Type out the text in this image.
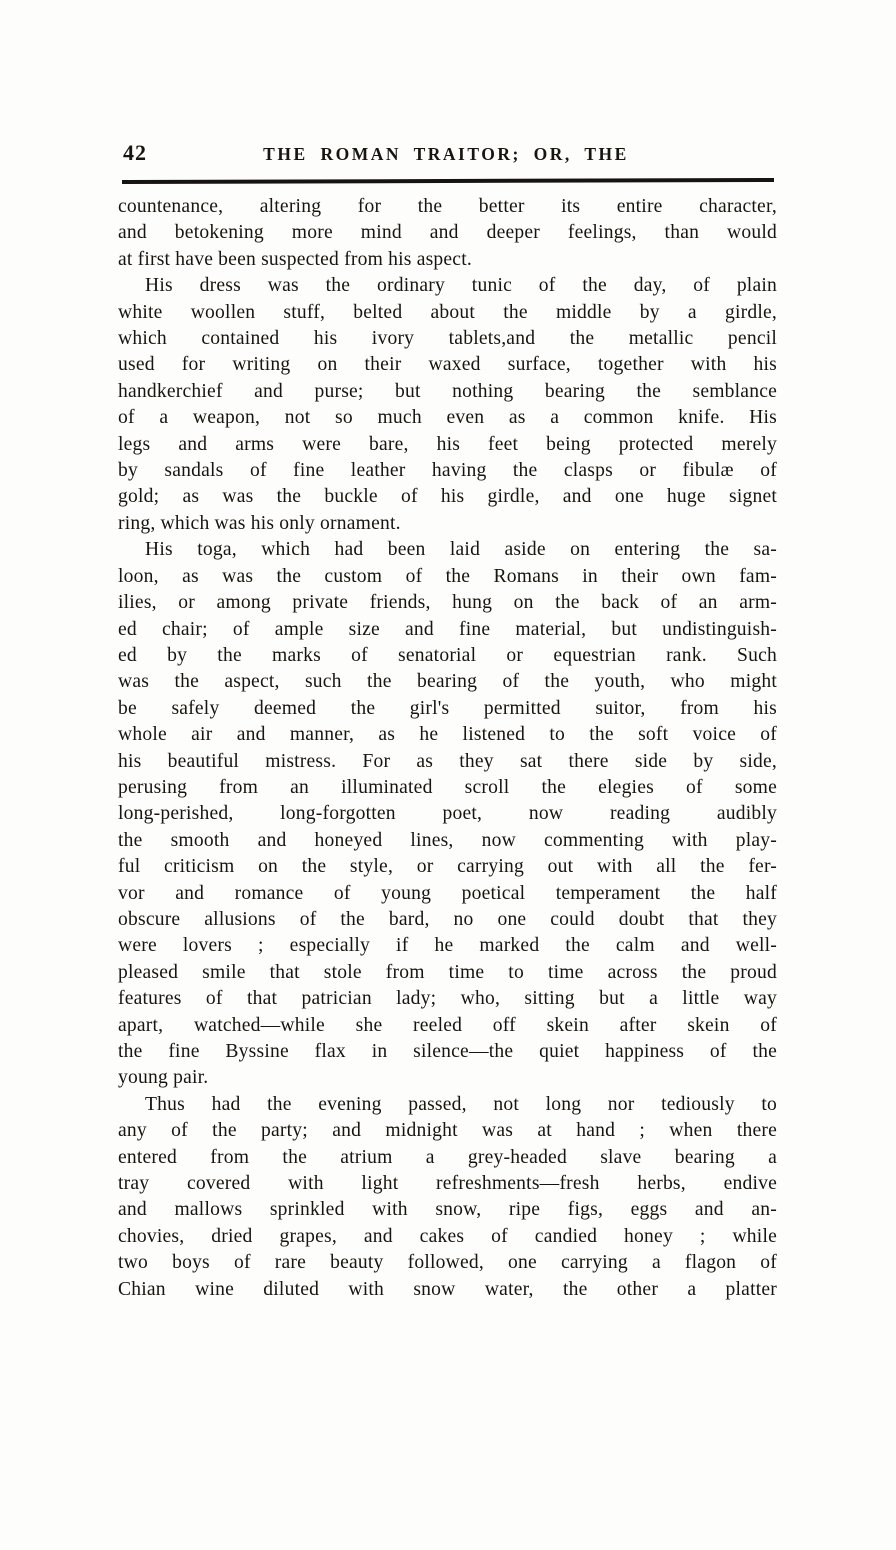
42	THE ROMAN TRAITOR; OR, THE
countenance, altering for the better its entire character,
and betokening more mind and deeper feelings, than would
at first have been suspected from his aspect.
His dress was the ordinary tunic of the day, of plain
white woollen stuff, belted about the middle by a girdle,
which contained his ivory tablets,and the metallic pencil
used for writing on their waxed surface, together with his
handkerchief and purse; but nothing bearing the semblance
of a weapon, not so much even as a common knife. His
legs and arms were bare, his feet being protected merely
by sandals of fine leather having the clasps or fibulæ of
gold; as was the buckle of his girdle, and one huge signet
ring, which was his only ornament.
His toga, which had been laid aside on entering the sa-
loon, as was the custom of the Romans in their own fam-
ilies, or among private friends, hung on the back of an arm-
ed chair; of ample size and fine material, but undistinguish-
ed by the marks of senatorial or equestrian rank. Such
was the aspect, such the bearing of the youth, who might
be safely deemed the girl's permitted suitor, from his
whole air and manner, as he listened to the soft voice of
his beautiful mistress. For as they sat there side by side,
perusing from an illuminated scroll the elegies of some
long-perished, long-forgotten poet, now reading audibly
the smooth and honeyed lines, now commenting with play-
ful criticism on the style, or carrying out with all the fer-
vor and romance of young poetical temperament the half
obscure allusions of the bard, no one could doubt that they
were lovers ; especially if he marked the calm and well-
pleased smile that stole from time to time across the proud
features of that patrician lady; who, sitting but a little way
apart, watched—while she reeled off skein after skein of
the fine Byssine flax in silence—the quiet happiness of the
young pair.
Thus had the evening passed, not long nor tediously to
any of the party; and midnight was at hand ; when there
entered from the atrium a grey-headed slave bearing a
tray covered with light refreshments—fresh herbs, endive
and mallows sprinkled with snow, ripe figs, eggs and an-
chovies, dried grapes, and cakes of candied honey ; while
two boys of rare beauty followed, one carrying a flagon of
Chian wine diluted with snow water, the other a platter
